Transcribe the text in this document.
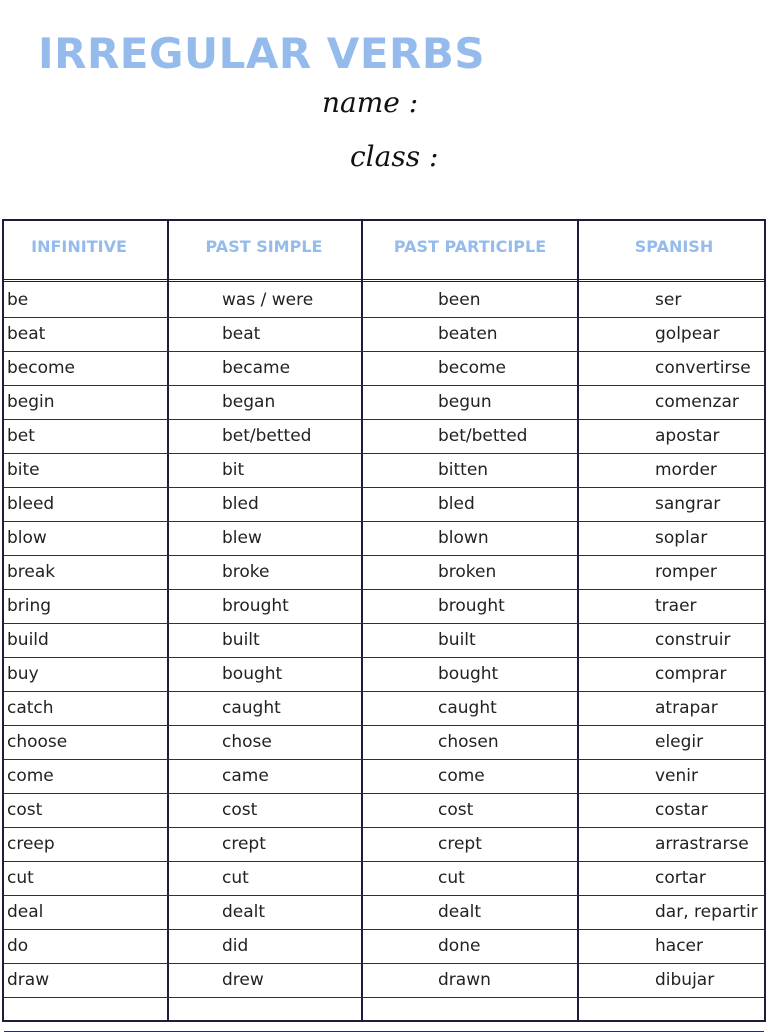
IRREGULAR VERBS
name :
class :
INFINITIVE	PAST SIMPLE	PAST PARTICIPLE	SPANISH
be	was / were	been	ser
beat	beat	beaten	golpear
become	became	become	convertirse
begin	began	begun	comenzar
bet	bet/betted	bet/betted	apostar
bite	bit	bitten	morder
bleed	bled	bled	sangrar
blow	blew	blown	soplar
break	broke	broken	romper
bring	brought	brought	traer
build	built	built	construir
buy	bought	bought	comprar
catch	caught	caught	atrapar
choose	chose	chosen	elegir
come	came	come	venir
cost	cost	cost	costar
creep	crept	crept	arrastrarse
cut	cut	cut	cortar
deal	dealt	dealt	dar, repartir
do	did	done	hacer
draw	drew	drawn	dibujar
